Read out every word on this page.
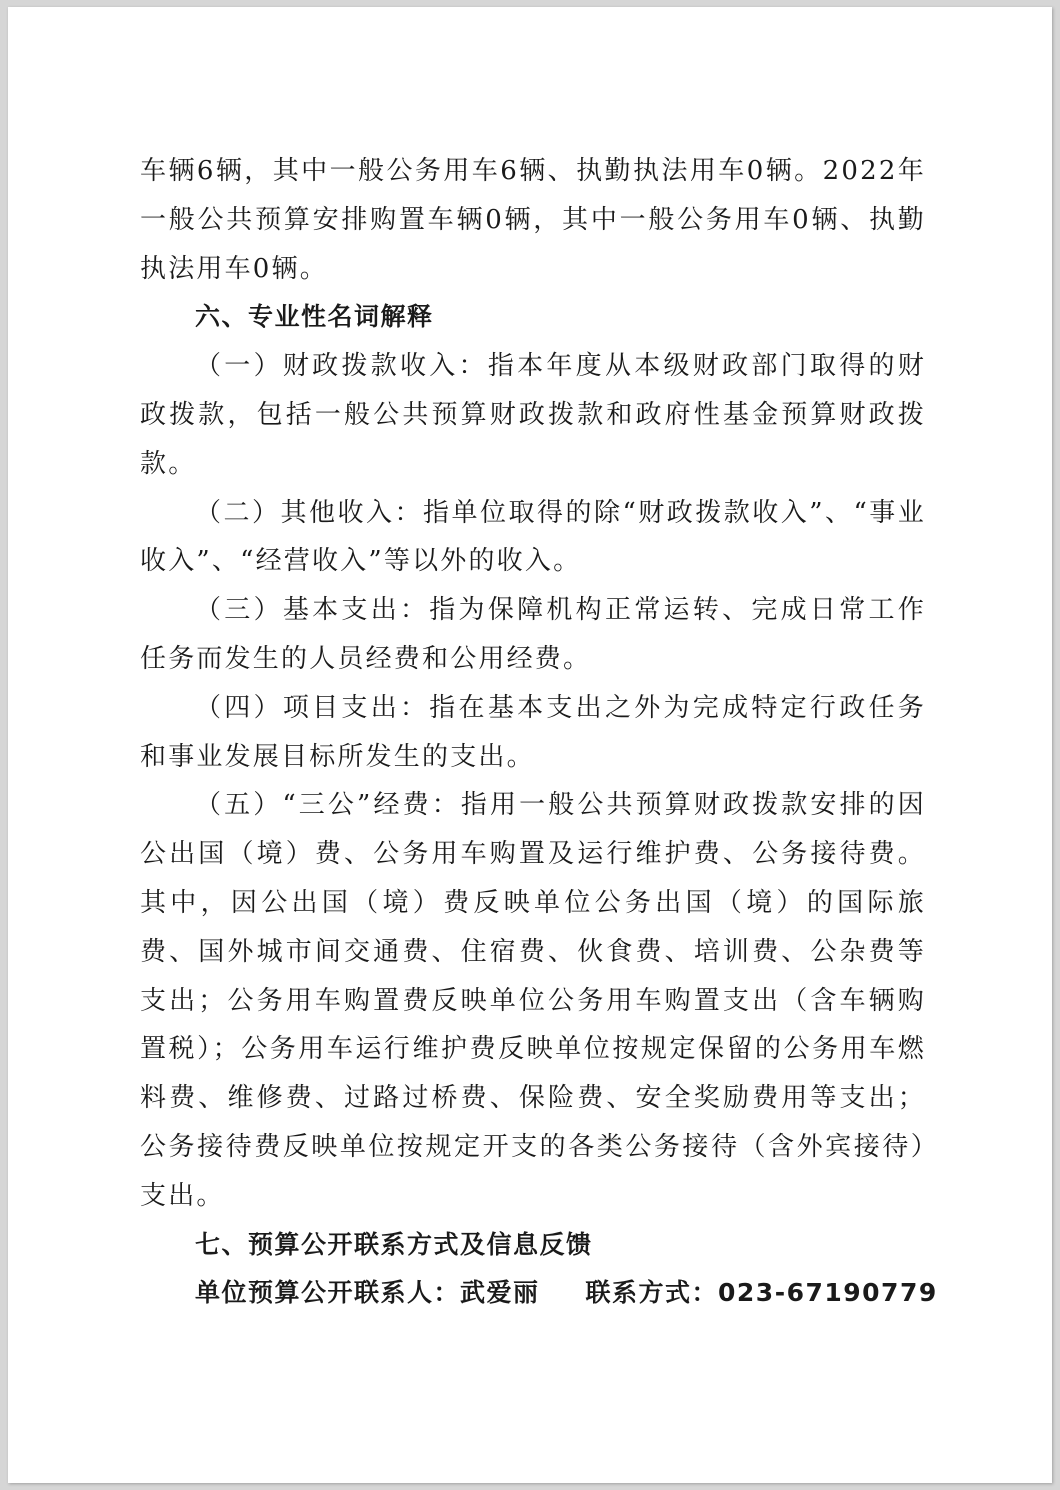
车辆6辆，其中一般公务用车6辆、执勤执法用车0辆。2022年一般公共预算安排购置车辆0辆，其中一般公务用车0辆、执勤执法用车0辆。

六、专业性名词解释

（一）财政拨款收入：指本年度从本级财政部门取得的财政拨款，包括一般公共预算财政拨款和政府性基金预算财政拨款。

（二）其他收入：指单位取得的除“财政拨款收入”、“事业收入”、“经营收入”等以外的收入。

（三）基本支出：指为保障机构正常运转、完成日常工作任务而发生的人员经费和公用经费。

（四）项目支出：指在基本支出之外为完成特定行政任务和事业发展目标所发生的支出。

（五）“三公”经费：指用一般公共预算财政拨款安排的因公出国（境）费、公务用车购置及运行维护费、公务接待费。其中，因公出国（境）费反映单位公务出国（境）的国际旅费、国外城市间交通费、住宿费、伙食费、培训费、公杂费等支出；公务用车购置费反映单位公务用车购置支出（含车辆购置税）；公务用车运行维护费反映单位按规定保留的公务用车燃料费、维修费、过路过桥费、保险费、安全奖励费用等支出；公务接待费反映单位按规定开支的各类公务接待（含外宾接待）支出。

七、预算公开联系方式及信息反馈

单位预算公开联系人：武爱丽 联系方式：023-67190779
